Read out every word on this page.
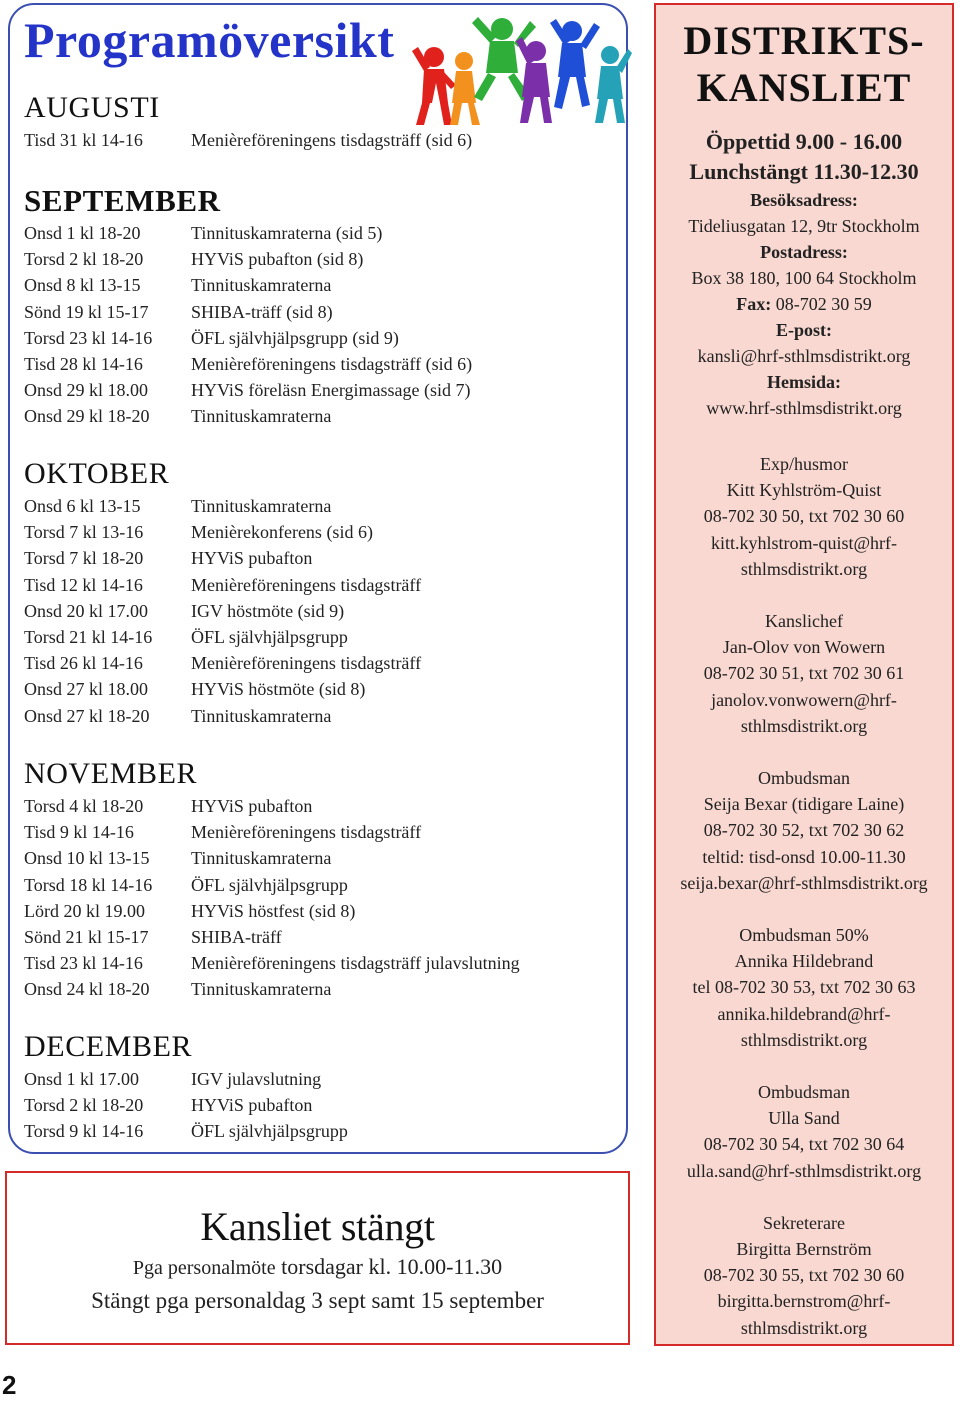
Programöversikt
AUGUSTI
Tisd 31 kl 14-16	Menièreföreningens tisdagsträff (sid 6)
SEPTEMBER
Onsd 1 kl 18-20	Tinnituskamraterna (sid 5)
Torsd 2 kl 18-20	HYViS pubafton (sid 8)
Onsd 8 kl 13-15	Tinnituskamraterna
Sönd 19 kl 15-17	SHIBA-träff (sid 8)
Torsd 23 kl 14-16	ÖFL självhjälpsgrupp (sid 9)
Tisd 28 kl 14-16	Menièreföreningens tisdagsträff (sid 6)
Onsd 29 kl 18.00	HYViS föreläsn Energimassage (sid 7)
Onsd 29 kl 18-20	Tinnituskamraterna
OKTOBER
Onsd 6 kl 13-15	Tinnituskamraterna
Torsd 7 kl 13-16	Menièrekonferens (sid 6)
Torsd 7 kl 18-20	HYViS pubafton
Tisd 12 kl 14-16	Menièreföreningens tisdagsträff
Onsd 20 kl 17.00	IGV höstmöte (sid 9)
Torsd 21 kl 14-16	ÖFL självhjälpsgrupp
Tisd 26 kl 14-16	Menièreföreningens tisdagsträff
Onsd 27 kl 18.00	HYViS höstmöte (sid 8)
Onsd 27 kl 18-20	Tinnituskamraterna
NOVEMBER
Torsd 4 kl 18-20	HYViS pubafton
Tisd 9 kl 14-16	Menièreföreningens tisdagsträff
Onsd 10 kl 13-15	Tinnituskamraterna
Torsd 18 kl 14-16	ÖFL självhjälpsgrupp
Lörd 20 kl 19.00	HYViS höstfest (sid 8)
Sönd 21 kl 15-17	SHIBA-träff
Tisd 23 kl 14-16	Menièreföreningens tisdagsträff julavslutning
Onsd 24 kl 18-20	Tinnituskamraterna
DECEMBER
Onsd 1 kl 17.00	IGV julavslutning
Torsd 2 kl 18-20	HYViS pubafton
Torsd 9 kl 14-16	ÖFL självhjälpsgrupp
Kansliet stängt
Pga personalmöte torsdagar kl. 10.00-11.30
Stängt pga personaldag 3 sept samt 15 september
DISTRIKTS-
KANSLIET
Öppettid 9.00 - 16.00
Lunchstängt 11.30-12.30
Besöksadress:
Tideliusgatan 12, 9tr Stockholm
Postadress:
Box 38 180, 100 64 Stockholm
Fax: 08-702 30 59
E-post:
kansli@hrf-sthlmsdistrikt.org
Hemsida:
www.hrf-sthlmsdistrikt.org
Exp/husmor
Kitt Kyhlström-Quist
08-702 30 50, txt 702 30 60
kitt.kyhlstrom-quist@hrf-
sthlmsdistrikt.org
Kanslichef
Jan-Olov von Wowern
08-702 30 51, txt 702 30 61
janolov.vonwowern@hrf-
sthlmsdistrikt.org
Ombudsman
Seija Bexar (tidigare Laine)
08-702 30 52, txt 702 30 62
teltid: tisd-onsd 10.00-11.30
seija.bexar@hrf-sthlmsdistrikt.org
Ombudsman 50%
Annika Hildebrand
tel 08-702 30 53, txt 702 30 63
annika.hildebrand@hrf-
sthlmsdistrikt.org
Ombudsman
Ulla Sand
08-702 30 54, txt 702 30 64
ulla.sand@hrf-sthlmsdistrikt.org
Sekreterare
Birgitta Bernström
08-702 30 55, txt 702 30 60
birgitta.bernstrom@hrf-
sthlmsdistrikt.org
2
